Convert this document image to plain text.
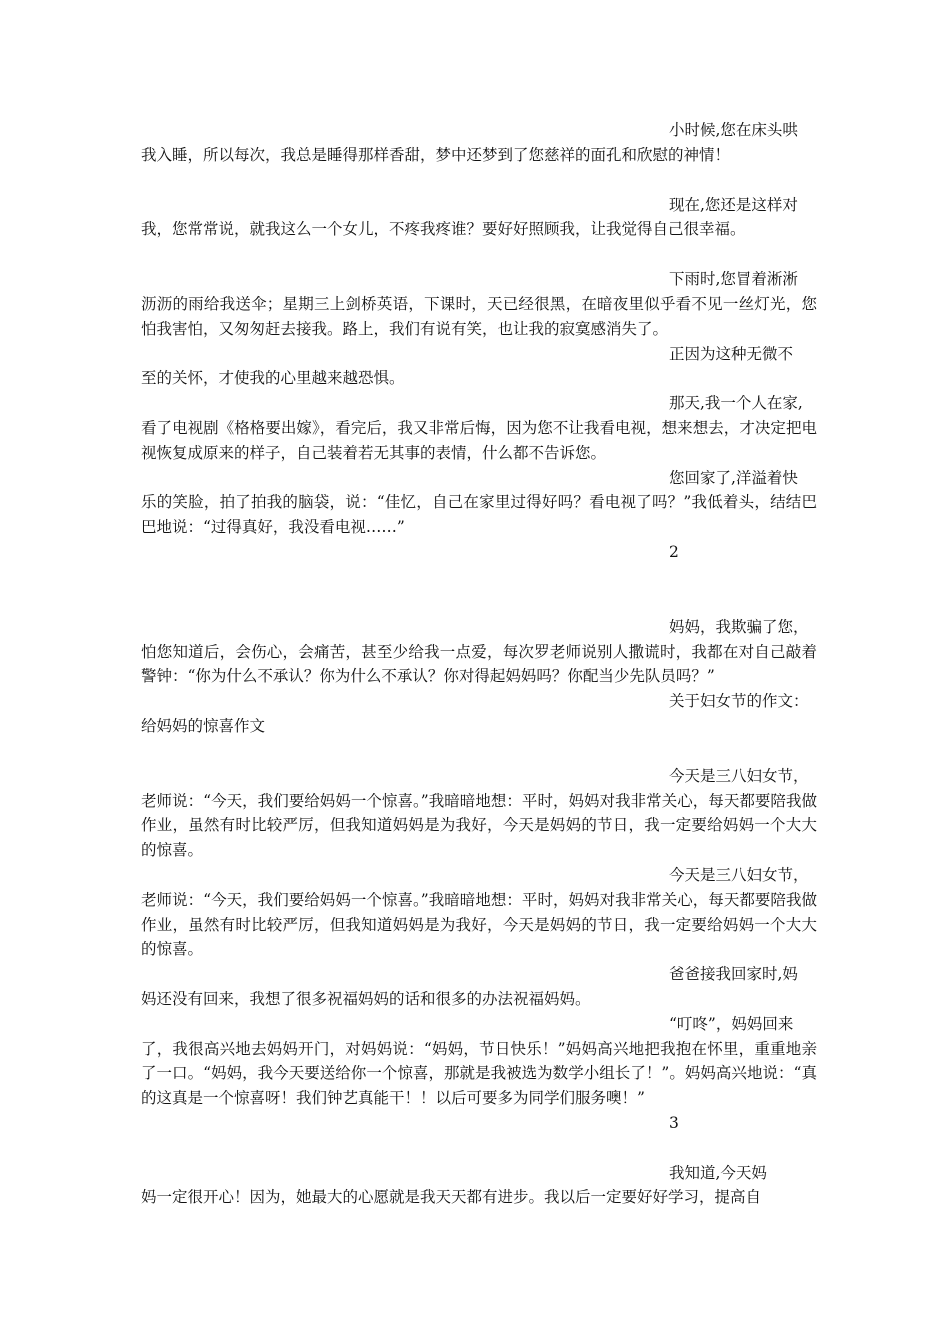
小时候,您在床头哄
我入睡，所以每次，我总是睡得那样香甜，梦中还梦到了您慈祥的面孔和欣慰的神情！
现在,您还是这样对
我，您常常说，就我这么一个女儿，不疼我疼谁？要好好照顾我，让我觉得自己很幸福。
下雨时,您冒着淅淅
沥沥的雨给我送伞；星期三上剑桥英语，下课时，天已经很黑，在暗夜里似乎看不见一丝灯光，您怕我害怕，又匆匆赶去接我。路上，我们有说有笑，也让我的寂寞感消失了。
正因为这种无微不
至的关怀，才使我的心里越来越恐惧。
那天,我一个人在家,
看了电视剧《格格要出嫁》，看完后，我又非常后悔，因为您不让我看电视，想来想去，才决定把电视恢复成原来的样子，自己装着若无其事的表情，什么都不告诉您。
您回家了,洋溢着快
乐的笑脸，拍了拍我的脑袋，说：“佳忆，自己在家里过得好吗？看电视了吗？”我低着头，结结巴巴地说：“过得真好，我没看电视……”
2
妈妈，我欺骗了您，
怕您知道后，会伤心，会痛苦，甚至少给我一点爱，每次罗老师说别人撒谎时，我都在对自己敲着警钟：“你为什么不承认？你为什么不承认？你对得起妈妈吗？你配当少先队员吗？”
关于妇女节的作文：
给妈妈的惊喜作文
今天是三八妇女节，
老师说：“今天，我们要给妈妈一个惊喜。”我暗暗地想：平时，妈妈对我非常关心，每天都要陪我做作业，虽然有时比较严厉，但我知道妈妈是为我好，今天是妈妈的节日，我一定要给妈妈一个大大的惊喜。
今天是三八妇女节，
老师说：“今天，我们要给妈妈一个惊喜。”我暗暗地想：平时，妈妈对我非常关心，每天都要陪我做作业，虽然有时比较严厉，但我知道妈妈是为我好，今天是妈妈的节日，我一定要给妈妈一个大大的惊喜。
爸爸接我回家时,妈
妈还没有回来，我想了很多祝福妈妈的话和很多的办法祝福妈妈。
“叮咚”，妈妈回来
了，我很高兴地去妈妈开门，对妈妈说：“妈妈，节日快乐！”妈妈高兴地把我抱在怀里，重重地亲了一口。“妈妈，我今天要送给你一个惊喜，那就是我被选为数学小组长了！”。妈妈高兴地说：“真的这真是一个惊喜呀！我们钟艺真能干！！以后可要多为同学们服务噢！”
3
我知道,今天妈
妈一定很开心！因为，她最大的心愿就是我天天都有进步。我以后一定要好好学习，提高自
